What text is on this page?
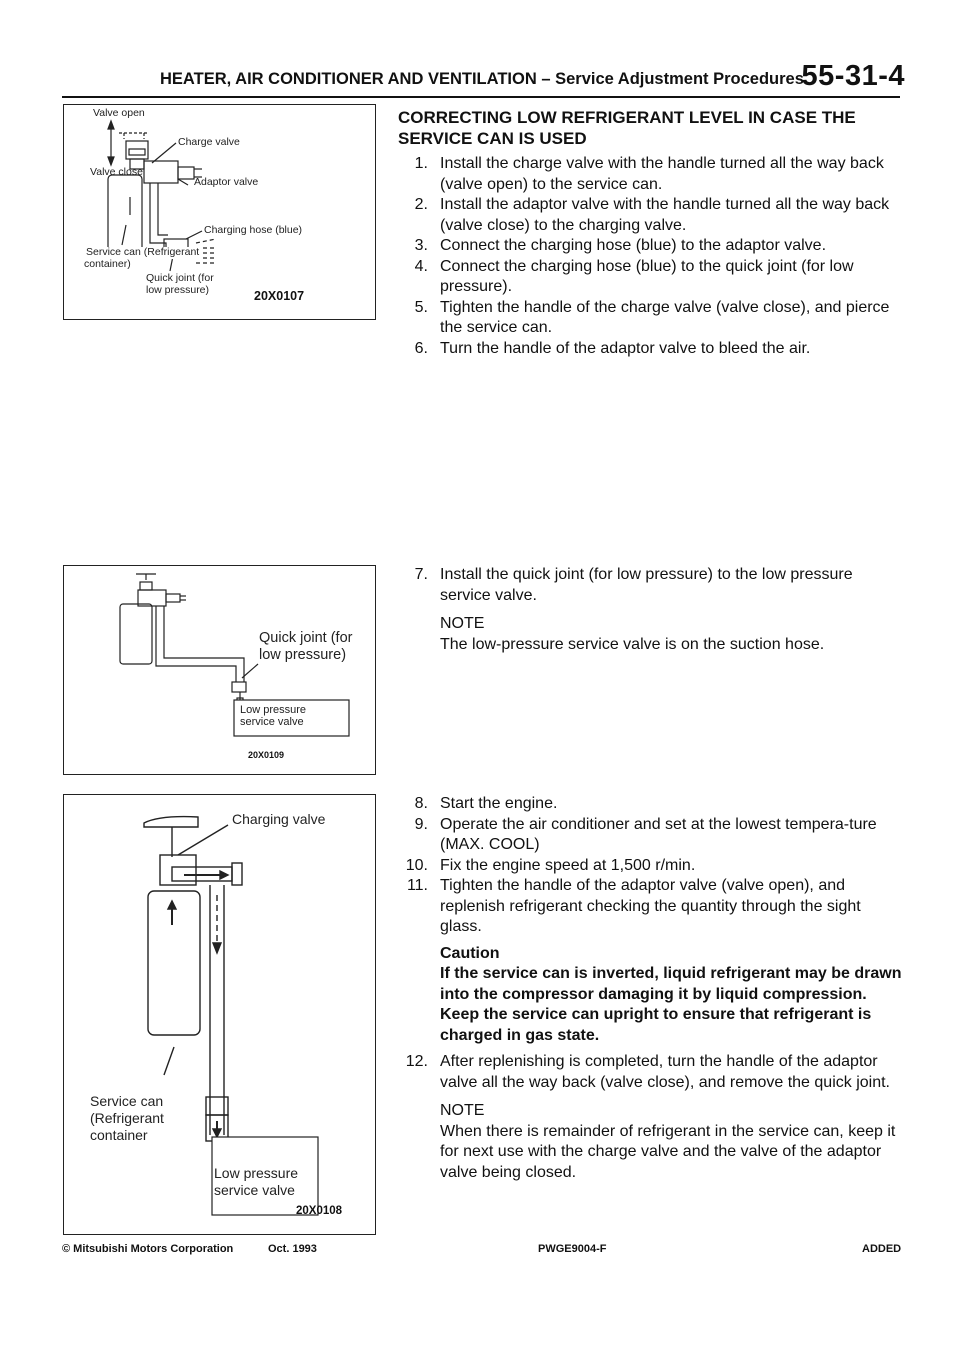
HEATER, AIR CONDITIONER AND VENTILATION – Service Adjustment Procedures
55-31-4
Valve open
Charge valve
Valve close
Adaptor valve
Charging hose (blue)
Service can (Refrigerant
container)
Quick joint (for
low pressure)	20X0107
Quick joint (for
low pressure)
Low pressure
service valve
20X0109
Charging valve
Service can
(Refrigerant
container
Low pressure
service valve
20X0108
CORRECTING LOW REFRIGERANT LEVEL IN CASE THE
SERVICE CAN IS USED
1. Install the charge valve with the handle turned all the way back (valve open) to the service can.
2. Install the adaptor valve with the handle turned all the way back (valve close) to the charging valve.
3. Connect the charging hose (blue) to the adaptor valve.
4. Connect the charging hose (blue) to the quick joint (for low pressure).
5. Tighten the handle of the charge valve (valve close), and pierce the service can.
6. Turn the handle of the adaptor valve to bleed the air.
7. Install the quick joint (for low pressure) to the low pressure service valve.
NOTE
The low-pressure service valve is on the suction hose.
8. Start the engine.
9. Operate the air conditioner and set at the lowest tempera-ture (MAX. COOL)
10. Fix the engine speed at 1,500 r/min.
11. Tighten the handle of the adaptor valve (valve open), and replenish refrigerant checking the quantity through the sight glass.
Caution
If the service can is inverted, liquid refrigerant may be drawn into the compressor damaging it by liquid compression. Keep the service can upright to ensure that refrigerant is charged in gas state.
12. After replenishing is completed, turn the handle of the adaptor valve all the way back (valve close), and remove the quick joint.
NOTE
When there is remainder of refrigerant in the service can, keep it for next use with the charge valve and the valve of the adaptor valve being closed.
© Mitsubishi Motors Corporation	Oct. 1993	PWGE9004-F	ADDED
